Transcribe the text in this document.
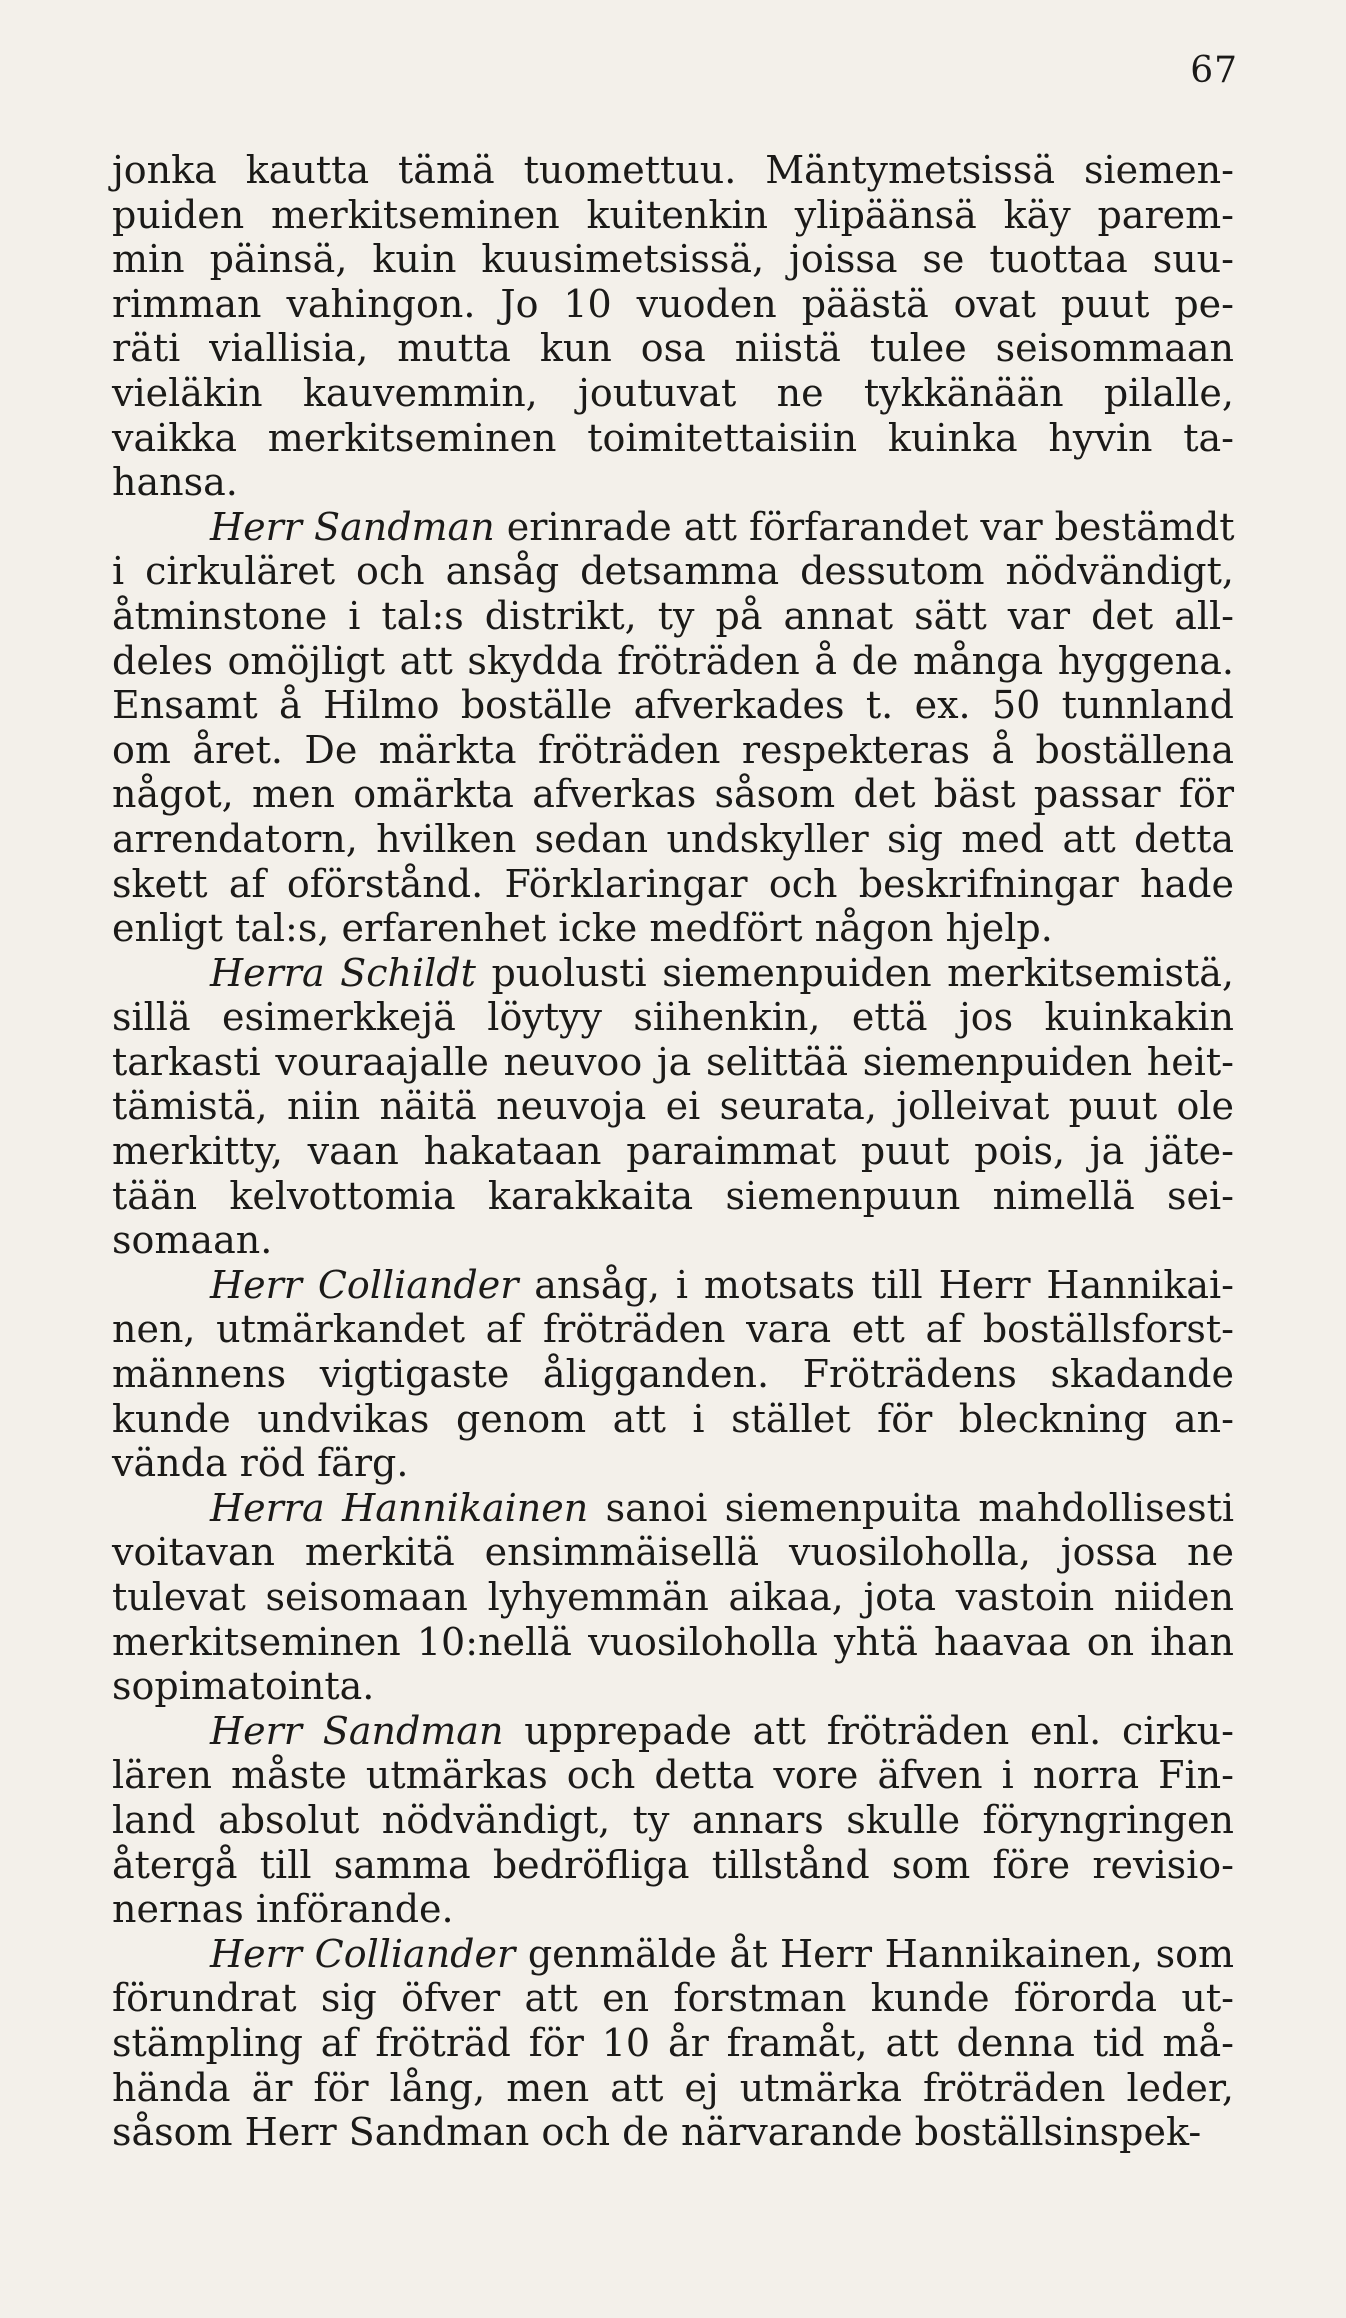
67
jonka kautta tämä tuomettuu. Mäntymetsissä siemen-
puiden merkitseminen kuitenkin ylipäänsä käy parem-
min päinsä, kuin kuusimetsissä, joissa se tuottaa suu-
rimman vahingon. Jo 10 vuoden päästä ovat puut pe-
räti viallisia, mutta kun osa niistä tulee seisommaan
vieläkin kauvemmin, joutuvat ne tykkänään pilalle,
vaikka merkitseminen toimitettaisiin kuinka hyvin ta-
hansa.
Herr Sandman erinrade att förfarandet var bestämdt
i cirkuläret och ansåg detsamma dessutom nödvändigt,
åtminstone i tal:s distrikt, ty på annat sätt var det all-
deles omöjligt att skydda fröträden å de många hyggena.
Ensamt å Hilmo boställe afverkades t. ex. 50 tunnland
om året. De märkta fröträden respekteras å boställena
något, men omärkta afverkas såsom det bäst passar för
arrendatorn, hvilken sedan undskyller sig med att detta
skett af oförstånd. Förklaringar och beskrifningar hade
enligt tal:s, erfarenhet icke medfört någon hjelp.
Herra Schildt puolusti siemenpuiden merkitsemistä,
sillä esimerkkejä löytyy siihenkin, että jos kuinkakin
tarkasti vouraajalle neuvoo ja selittää siemenpuiden heit-
tämistä, niin näitä neuvoja ei seurata, jolleivat puut ole
merkitty, vaan hakataan paraimmat puut pois, ja jäte-
tään kelvottomia karakkaita siemenpuun nimellä sei-
somaan.
Herr Colliander ansåg, i motsats till Herr Hannikai-
nen, utmärkandet af fröträden vara ett af boställsforst-
männens vigtigaste åligganden. Fröträdens skadande
kunde undvikas genom att i stället för bleckning an-
vända röd färg.
Herra Hannikainen sanoi siemenpuita mahdollisesti
voitavan merkitä ensimmäisellä vuosiloholla, jossa ne
tulevat seisomaan lyhyemmän aikaa, jota vastoin niiden
merkitseminen 10:nellä vuosiloholla yhtä haavaa on ihan
sopimatointa.
Herr Sandman upprepade att fröträden enl. cirku-
lären måste utmärkas och detta vore äfven i norra Fin-
land absolut nödvändigt, ty annars skulle föryngringen
återgå till samma bedröfliga tillstånd som före revisio-
nernas införande.
Herr Colliander genmälde åt Herr Hannikainen, som
förundrat sig öfver att en forstman kunde förorda ut-
stämpling af fröträd för 10 år framåt, att denna tid må-
hända är för lång, men att ej utmärka fröträden leder,
såsom Herr Sandman och de närvarande boställsinspek-
